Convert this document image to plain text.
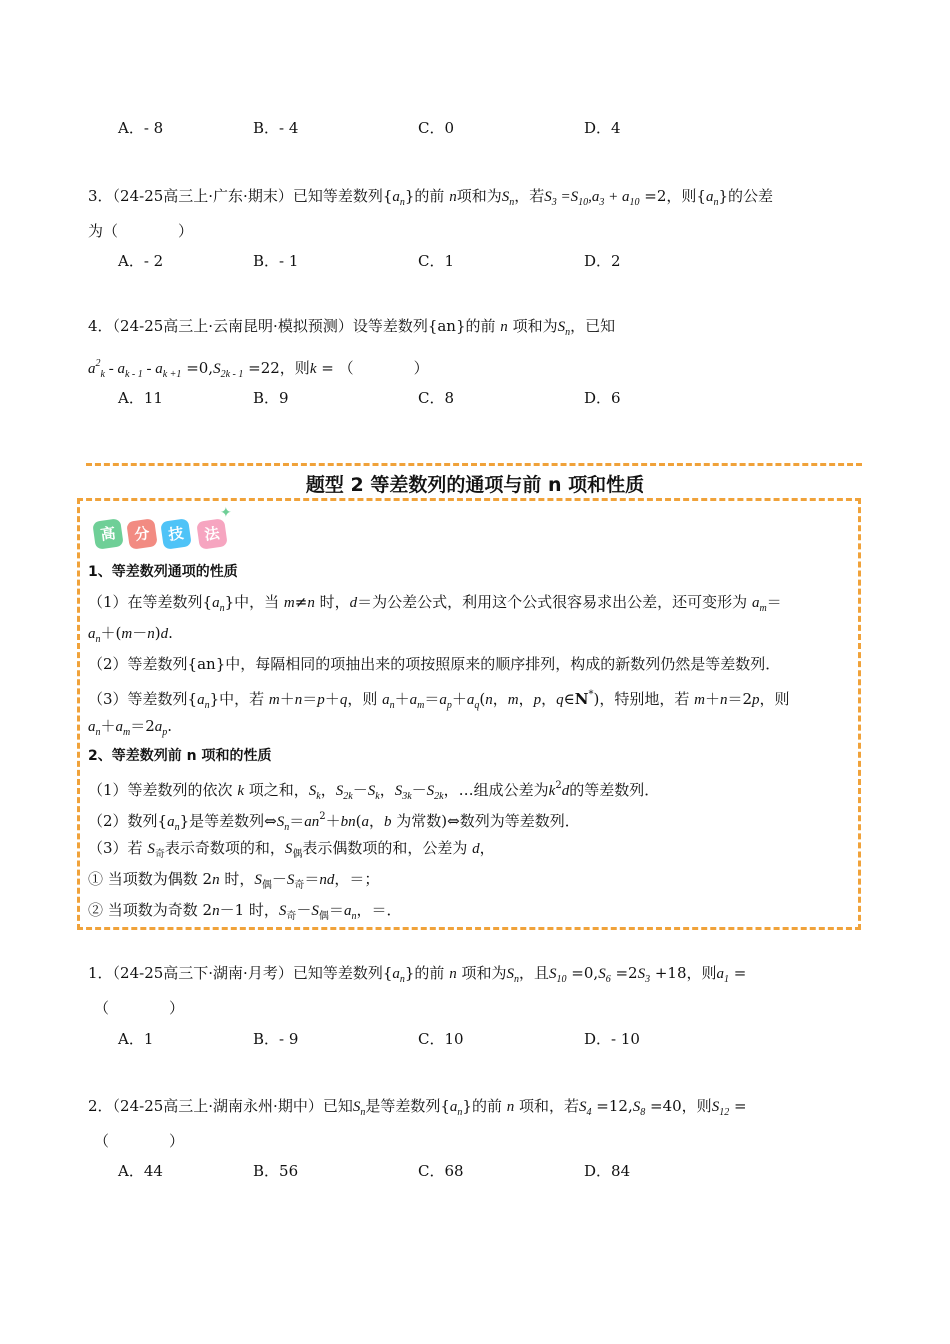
A．- 8	B．- 4	C．0	D．4
3．（24-25高三上·广东·期末）已知等差数列$\{a_n\}$的前 n项和为$S_n$，若$S_3 =S_{10},a_3 + a_{10} =2$，则$\{a_n\}$的公差
为（　　　　）
A．- 2	B．- 1	C．1	D．2
4．（24-25高三上·云南昆明·模拟预测）设等差数列{an}的前 n 项和为$S_n$，已知
$a^2_k - a_{k - 1} - a_{k +1} =0,S_{2k - 1} =22$，则k = （　　　　）
A．11	B．9	C．8	D．6
题型 2 等差数列的通项与前 n 项和性质
高	分	技	法
✦
1、等差数列通项的性质
（1）在等差数列$\{a_n\}$中，当 m≠n 时，d＝为公差公式，利用这个公式很容易求出公差，还可变形为 $a_m=$
$a_n+(m-n)d$.
（2）等差数列{an}中，每隔相同的项抽出来的项按照原来的顺序排列，构成的新数列仍然是等差数列．
（3）等差数列$\{a_n\}$中，若 m＋n＝p＋q，则 $a_n+a_m=a_p+a_q(n$，m，p，q∈N*)，特别地，若 m＋n＝2p，则
$a_n+a_m=2a_p$.
2、等差数列前 n 项和的性质
（1）等差数列的依次 k 项之和，$S_k$，$S_{2k}-S_k$，$S_{3k}-S_{2k}$，…组成公差为$k^2d$的等差数列．
（2）数列$\{a_n\}$是等差数列$\Leftrightarrow S_n=an^2+bn(a$，b 为常数)⇔数列为等差数列．
（3）若 $S_奇$表示奇数项的和，$S_偶$表示偶数项的和，公差为 d，
① 当项数为偶数 2n 时，$S_偶-S_奇=nd$，＝；
② 当项数为奇数 2n－1 时，$S_奇-S_偶=a_n$，＝．
1．（24-25高三下·湖南·月考）已知等差数列$\{a_n\}$的前 n 项和为$S_n$，且$S_{10} =0,S_6 =2S_3 +18$，则$a_1$ =
（　　　　）
A．1	B．- 9	C．10	D．- 10
2．（24-25高三上·湖南永州·期中）已知$S_n$是等差数列$\{a_n\}$的前 n 项和，若$S_4 =12,S_8 =40$，则$S_{12}$ =
（　　　　）
A．44	B．56	C．68	D．84
